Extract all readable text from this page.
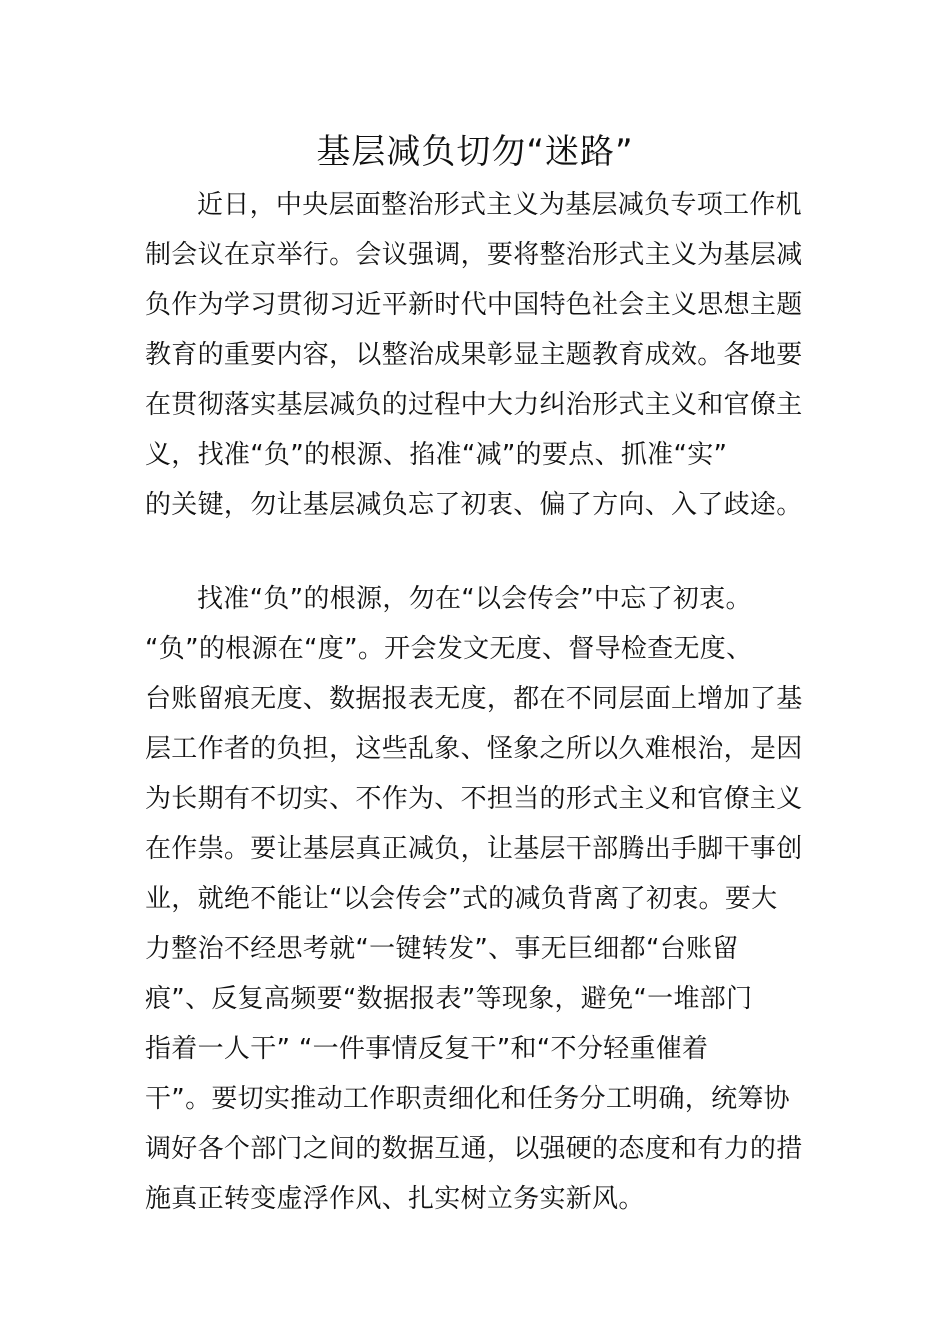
基层减负切勿“迷路”
近日，中央层面整治形式主义为基层减负专项工作机
制会议在京举行。会议强调，要将整治形式主义为基层减
负作为学习贯彻习近平新时代中国特色社会主义思想主题
教育的重要内容，以整治成果彰显主题教育成效。各地要
在贯彻落实基层减负的过程中大力纠治形式主义和官僚主
义，找准“负”的根源、掐准“减”的要点、抓准“实”
的关键，勿让基层减负忘了初衷、偏了方向、入了歧途。
找准“负”的根源，勿在“以会传会”中忘了初衷。
“负”的根源在“度”。开会发文无度、督导检查无度、
台账留痕无度、数据报表无度，都在不同层面上增加了基
层工作者的负担，这些乱象、怪象之所以久难根治，是因
为长期有不切实、不作为、不担当的形式主义和官僚主义
在作祟。要让基层真正减负，让基层干部腾出手脚干事创
业，就绝不能让“以会传会”式的减负背离了初衷。要大
力整治不经思考就“一键转发”、事无巨细都“台账留
痕”、反复高频要“数据报表”等现象，避免“一堆部门
指着一人干” “一件事情反复干”和“不分轻重催着
干”。要切实推动工作职责细化和任务分工明确，统筹协
调好各个部门之间的数据互通，以强硬的态度和有力的措
施真正转变虚浮作风、扎实树立务实新风。
